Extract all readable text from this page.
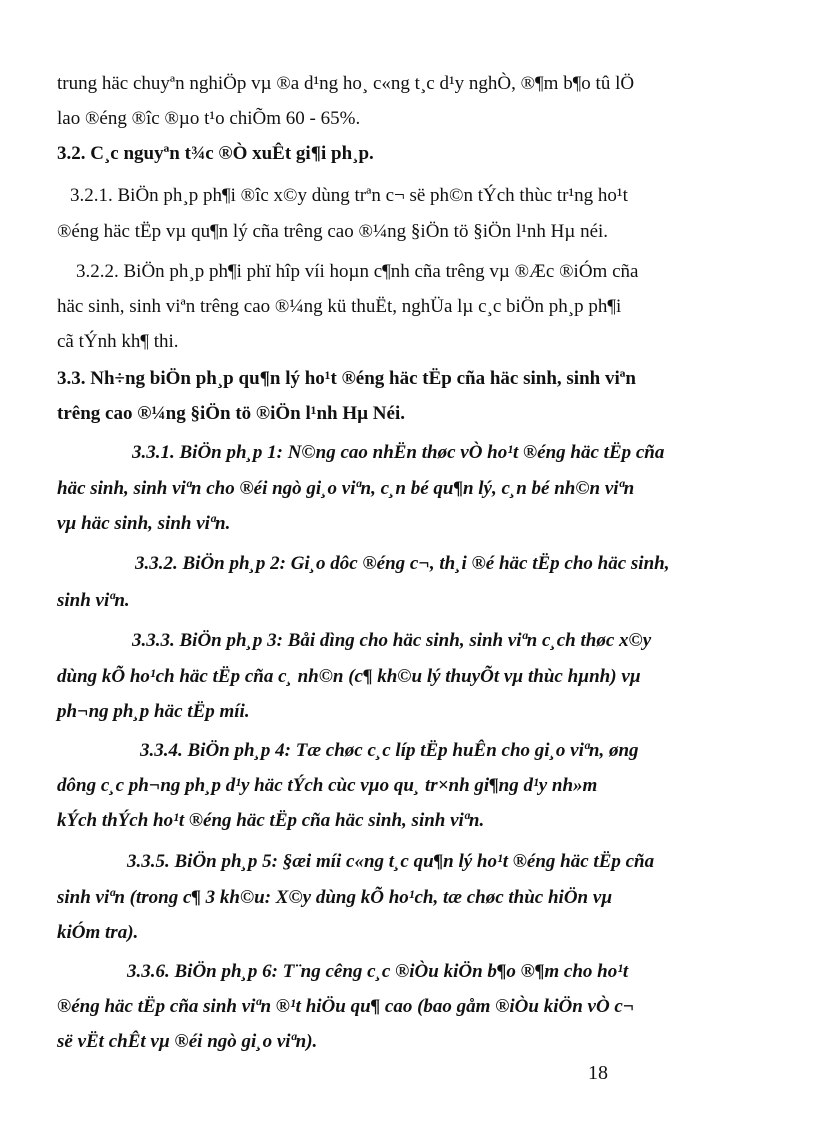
trung häc chuyªn nghiÖp vµ ®a d¹ng ho¸ c«ng t¸c d¹y nghÒ, ®¶m b¶o tû lÖ
lao ®éng ®îc ®µo t¹o chiÕm 60 - 65%.
3.2. C¸c nguyªn t¾c ®Ò xuÊt gi¶i ph¸p.
3.2.1. BiÖn ph¸p ph¶i ®îc x©y dùng trªn c¬ së ph©n tÝch thùc tr¹ng ho¹t
®éng häc tËp vµ qu¶n lý cña trêng cao ®¼ng §iÖn tö §iÖn l¹nh Hµ néi.
3.2.2. BiÖn ph¸p ph¶i phï hîp víi hoµn c¶nh cña trêng vµ ®Æc ®iÓm cña
häc sinh, sinh viªn trêng cao ®¼ng kü thuËt, nghÜa lµ c¸c biÖn ph¸p ph¶i
cã tÝnh kh¶ thi.
3.3. Nh÷ng biÖn ph¸p qu¶n lý ho¹t ®éng häc tËp cña häc sinh, sinh viªn
trêng cao ®¼ng §iÖn tö ®iÖn l¹nh Hµ Néi.
3.3.1. BiÖn ph¸p 1: N©ng cao nhËn thøc vÒ ho¹t ®éng häc tËp cña
häc sinh, sinh viªn cho ®éi ngò gi¸o viªn, c¸n bé qu¶n lý, c¸n bé nh©n viªn
vµ häc sinh, sinh viªn.
3.3.2. BiÖn ph¸p 2: Gi¸o dôc ®éng c¬, th¸i ®é häc tËp cho häc sinh,
sinh viªn.
3.3.3. BiÖn ph¸p 3: Båi dìng cho häc sinh, sinh viªn c¸ch thøc x©y
dùng kÕ ho¹ch häc tËp cña c¸ nh©n (c¶ kh©u lý thuyÕt vµ thùc hµnh) vµ
ph¬ng ph¸p häc tËp míi.
3.3.4. BiÖn ph¸p 4: Tæ chøc c¸c líp tËp huÊn cho gi¸o viªn, øng
dông c¸c ph¬ng ph¸p d¹y häc tÝch cùc vµo qu¸ tr×nh gi¶ng d¹y nh»m
kÝch thÝch ho¹t ®éng häc tËp cña häc sinh, sinh viªn.
3.3.5. BiÖn ph¸p 5: §æi míi c«ng t¸c qu¶n lý ho¹t ®éng häc tËp cña
sinh viªn (trong c¶ 3 kh©u: X©y dùng kÕ ho¹ch, tæ chøc thùc hiÖn vµ
kiÓm tra).
3.3.6. BiÖn ph¸p 6: T¨ng cêng c¸c ®iÒu kiÖn b¶o ®¶m cho ho¹t
®éng häc tËp cña sinh viªn ®¹t hiÖu qu¶ cao (bao gåm ®iÒu kiÖn vÒ c¬
së vËt chÊt vµ ®éi ngò gi¸o viªn).
18
